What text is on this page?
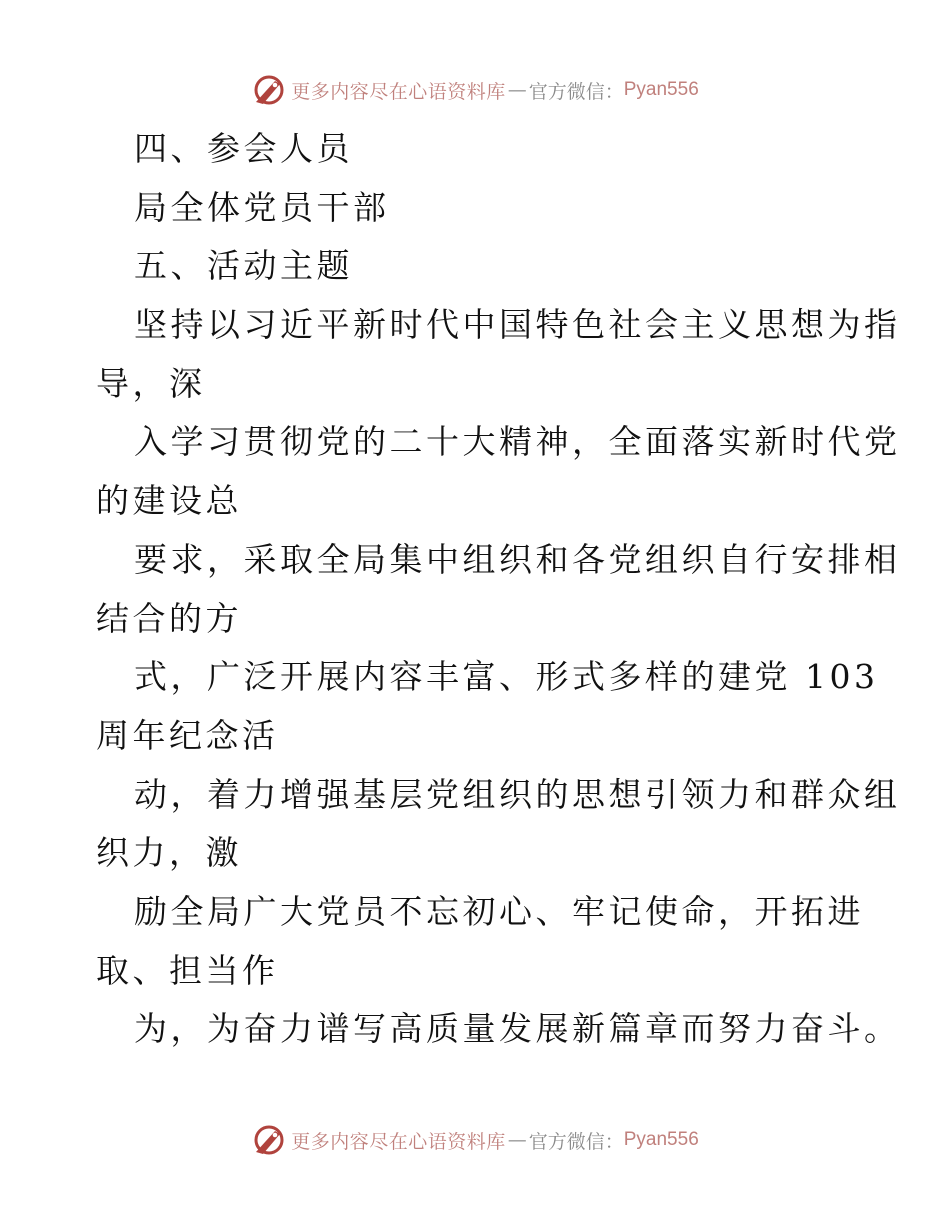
更多内容尽在心语资料库 — 官方微信： Pyan556
四、参会人员
局全体党员干部
五、活动主题
坚持以习近平新时代中国特色社会主义思想为指
导，深
入学习贯彻党的二十大精神，全面落实新时代党
的建设总
要求，采取全局集中组织和各党组织自行安排相
结合的方
式，广泛开展内容丰富、形式多样的建党 103
周年纪念活
动，着力增强基层党组织的思想引领力和群众组
织力，激
励全局广大党员不忘初心、牢记使命，开拓进
取、担当作
为，为奋力谱写高质量发展新篇章而努力奋斗。
更多内容尽在心语资料库 — 官方微信： Pyan556
